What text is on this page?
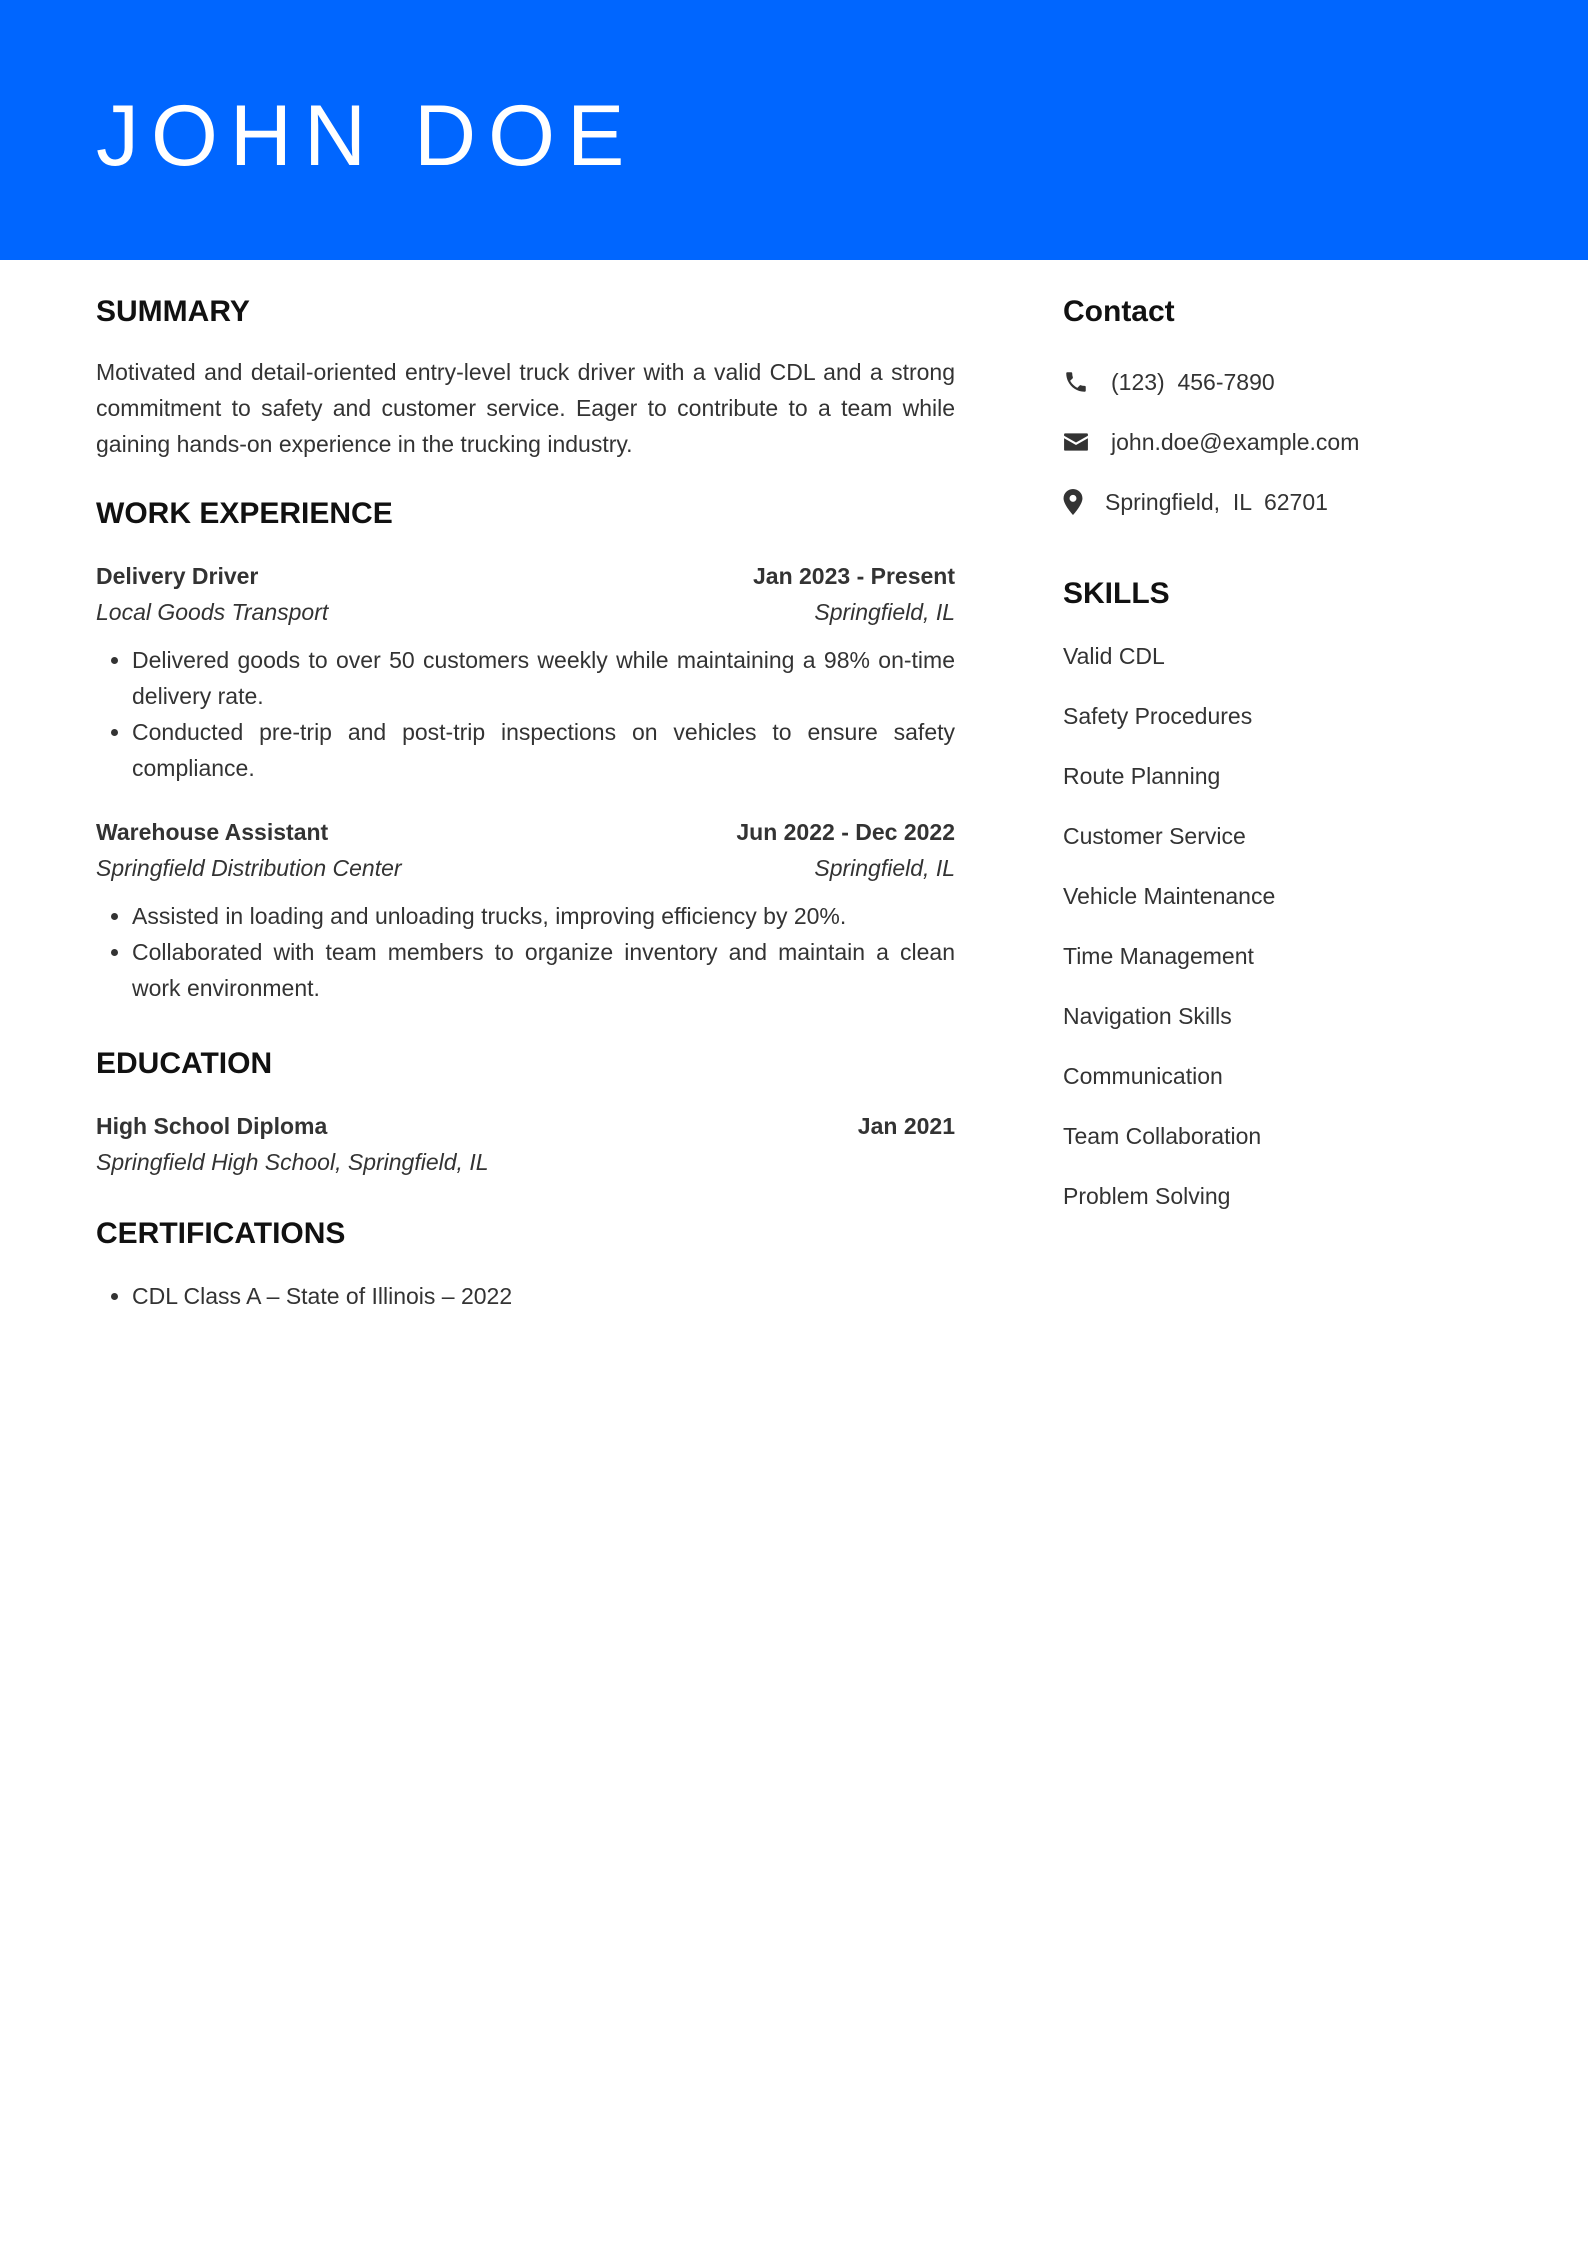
JOHN DOE
SUMMARY

Motivated and detail-oriented entry-level truck driver with a valid CDL and a strong commitment to safety and customer service. Eager to contribute to a team while gaining hands-on experience in the trucking industry.

WORK EXPERIENCE
Delivery Driver	Jan 2023 - Present
Local Goods Transport	Springfield, IL
• Delivered goods to over 50 customers weekly while maintaining a 98% on-time delivery rate.
• Conducted pre-trip and post-trip inspections on vehicles to ensure safety compliance.
Warehouse Assistant	Jun 2022 - Dec 2022
Springfield Distribution Center	Springfield, IL
• Assisted in loading and unloading trucks, improving efficiency by 20%.
• Collaborated with team members to organize inventory and maintain a clean work environment.
EDUCATION
High School Diploma	Jan 2021
Springfield High School, Springfield, IL
CERTIFICATIONS
• CDL Class A – State of Illinois – 2022
Contact
(123)  456-7890
john.doe@example.com
Springfield,  IL  62701
SKILLS
Valid CDL
Safety Procedures
Route Planning
Customer Service
Vehicle Maintenance
Time Management
Navigation Skills
Communication
Team Collaboration
Problem Solving
